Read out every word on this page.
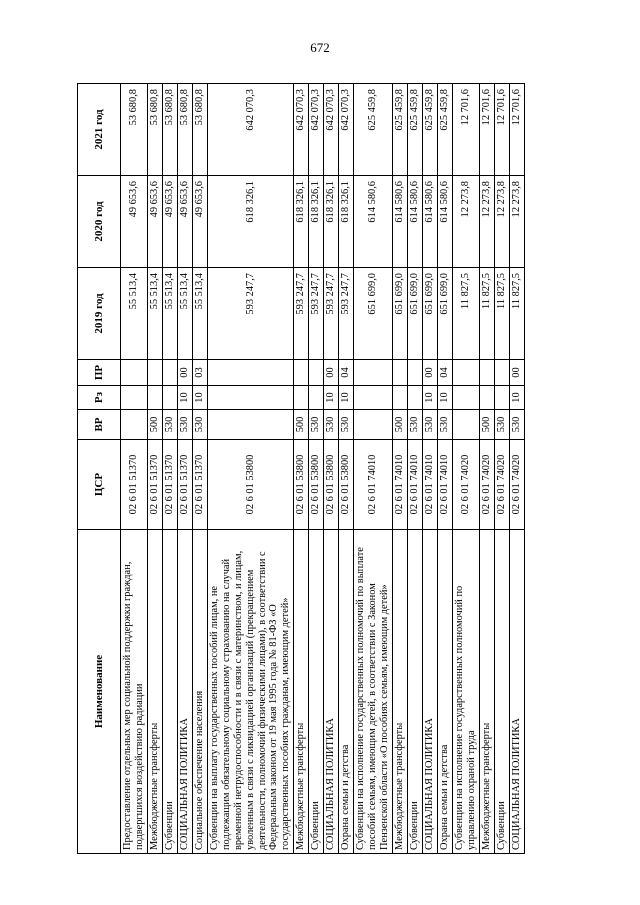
672
Наименование	ЦСР	ВР	Рз	ПР	2019 год	2020 год	2021 год
Предоставление отдельных мер социальной поддержки граждан, подвергшихся воздействию радиации	02 6 01 51370				55 513,4	49 653,6	53 680,8
Межбюджетные трансферты	02 6 01 51370	500			55 513,4	49 653,6	53 680,8
Субвенции	02 6 01 51370	530			55 513,4	49 653,6	53 680,8
СОЦИАЛЬНАЯ ПОЛИТИКА	02 6 01 51370	530	10	00	55 513,4	49 653,6	53 680,8
Социальное обеспечение населения	02 6 01 51370	530	10	03	55 513,4	49 653,6	53 680,8
Субвенции на выплату государственных пособий лицам, не подлежащим обязательному социальному страхованию на случай временной нетрудоспособности и в связи с материнством, и лицам, уволенным в связи с ликвидацией организаций (прекращением деятельности, полномочий физическими лицами), в соответствии с Федеральным законом от 19 мая 1995 года № 81-ФЗ «О государственных пособиях гражданам, имеющим детей»	02 6 01 53800				593 247,7	618 326,1	642 070,3
Межбюджетные трансферты	02 6 01 53800	500			593 247,7	618 326,1	642 070,3
Субвенции	02 6 01 53800	530			593 247,7	618 326,1	642 070,3
СОЦИАЛЬНАЯ ПОЛИТИКА	02 6 01 53800	530	10	00	593 247,7	618 326,1	642 070,3
Охрана семьи и детства	02 6 01 53800	530	10	04	593 247,7	618 326,1	642 070,3
Субвенции на исполнение государственных полномочий по выплате пособий семьям, имеющим детей, в соответствии с Законом Пензенской области «О пособиях семьям, имеющим детей»	02 6 01 74010				651 699,0	614 580,6	625 459,8
Межбюджетные трансферты	02 6 01 74010	500			651 699,0	614 580,6	625 459,8
Субвенции	02 6 01 74010	530			651 699,0	614 580,6	625 459,8
СОЦИАЛЬНАЯ ПОЛИТИКА	02 6 01 74010	530	10	00	651 699,0	614 580,6	625 459,8
Охрана семьи и детства	02 6 01 74010	530	10	04	651 699,0	614 580,6	625 459,8
Субвенции на исполнение государственных полномочий по управлению охраной труда	02 6 01 74020				11 827,5	12 273,8	12 701,6
Межбюджетные трансферты	02 6 01 74020	500			11 827,5	12 273,8	12 701,6
Субвенции	02 6 01 74020	530			11 827,5	12 273,8	12 701,6
СОЦИАЛЬНАЯ ПОЛИТИКА	02 6 01 74020	530	10	00	11 827,5	12 273,8	12 701,6
